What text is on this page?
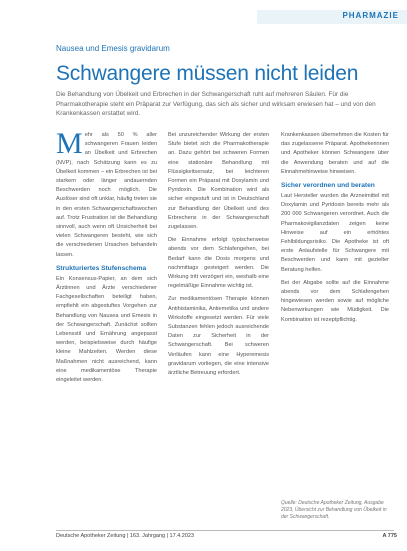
PHARMAZIE
Nausea und Emesis gravidarum
Schwangere müssen nicht leiden
Die Behandlung von Übelkeit und Erbrechen in der Schwangerschaft ruht auf mehreren Säulen. Für die Pharmakotherapie steht ein Präparat zur Verfügung, das sich als sicher und wirksam erwiesen hat – und von den Krankenkassen erstattet wird.
M ehr als 50 % aller schwangeren Frauen leiden an Übelkeit und Erbrechen (NVP), nach Schätzung kann es zu Übelkeit kommen – ein Erbrechen ist bei starkem oder länger andauernden Beschwerden noch möglich. Die Auslöser sind oft unklar, häufig treten sie in den ersten Schwangerschaftswochen auf. Trotz Frustration ist die Behandlung sinnvoll, auch wenn oft Unsicherheit bei vielen Schwangeren besteht, wie sich die verschiedenen Ursachen behandeln lassen.
Strukturiertes Stufenschema
Ein Konsensus-Papier, an dem sich Ärztinnen und Ärzte verschiedener Fachgesellschaften beteiligt haben, empfiehlt ein abgestuftes Vorgehen zur Behandlung von Nausea und Emesis in der Schwangerschaft. Zunächst sollten Lebensstil und Ernährung angepasst werden, beispielsweise durch häufige kleine Mahlzeiten. Werden diese Maßnahmen nicht ausreichend, kann eine medikamentöse Therapie eingeleitet werden.
Bei unzureichender Wirkung der ersten Stufe bietet sich die Pharmakotherapie an. Dazu gehört bei schweren Formen eine stationäre Behandlung mit Flüssigkeitsersatz, bei leichteren Formen ein Präparat mit Doxylamin und Pyridoxin. Die Kombination wird als sicher eingestuft und ist in Deutschland zur Behandlung der Übelkeit und des Erbrechens in der Schwangerschaft zugelassen.
Die Einnahme erfolgt typischerweise abends vor dem Schlafengehen, bei Bedarf kann die Dosis morgens und nachmittags gesteigert werden. Die Wirkung tritt verzögert ein, weshalb eine regelmäßige Einnahme wichtig ist.
Zur medikamentösen Therapie können Antihistaminika, Antiemetika und andere Wirkstoffe eingesetzt werden. Für viele Substanzen fehlen jedoch ausreichende Daten zur Sicherheit in der Schwangerschaft. Bei schweren Verläufen kann eine Hyperemesis gravidarum vorliegen, die eine intensive ärztliche Betreuung erfordert.
Krankenkassen übernehmen die Kosten für das zugelassene Präparat. Apothekerinnen und Apotheker können Schwangere über die Anwendung beraten und auf die Einnahmehinweise hinweisen.
Sicher verordnen und beraten
Laut Hersteller wurden die Arzneimittel mit Doxylamin und Pyridoxin bereits mehr als 200 000 Schwangeren verordnet. Auch die Pharmakovigilanzdaten zeigen keine Hinweise auf ein erhöhtes Fehlbildungsrisiko. Die Apotheke ist oft erste Anlaufstelle für Schwangere mit Beschwerden und kann mit gezielter Beratung helfen.
Bei der Abgabe sollte auf die Einnahme abends vor dem Schlafengehen hingewiesen werden sowie auf mögliche Nebenwirkungen wie Müdigkeit. Die Kombination ist rezeptpflichtig.
Quelle: Deutsche Apotheker Zeitung, Ausgabe 2023, Übersicht zur Behandlung von Übelkeit in der Schwangerschaft.
Deutsche Apotheker Zeitung | 163. Jahrgang | 17.4.2023	A 775
